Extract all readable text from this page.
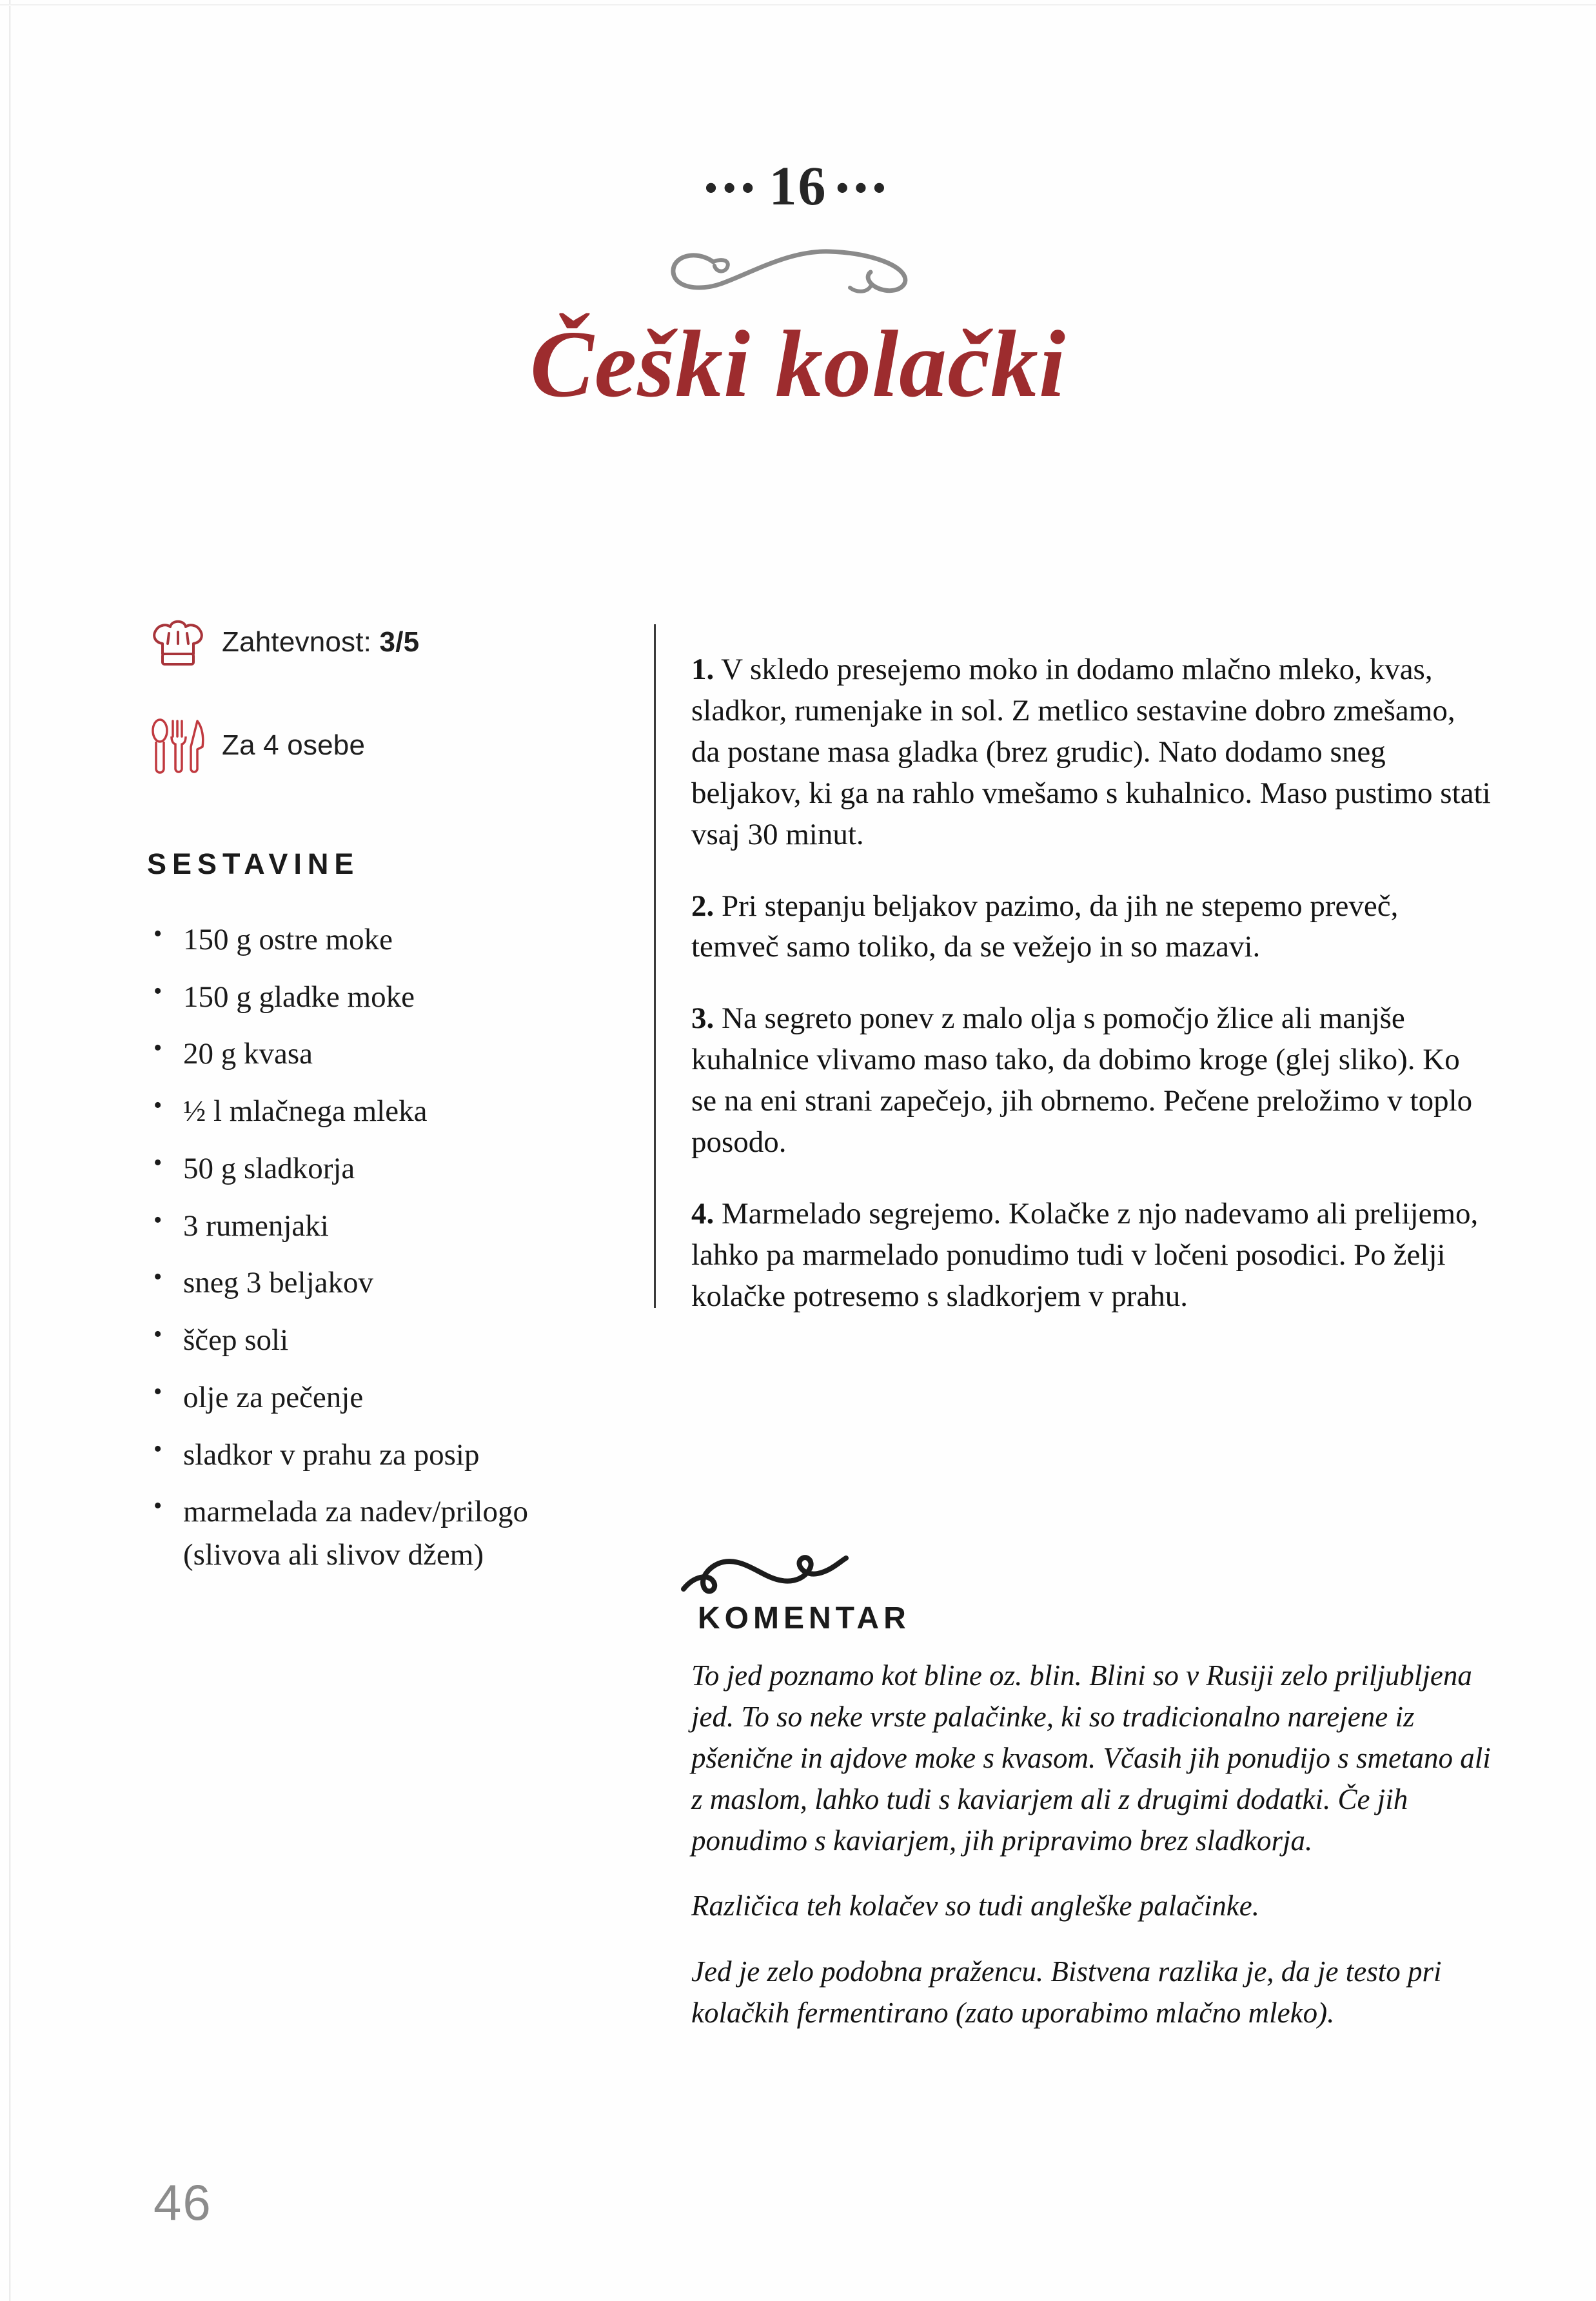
••• 16 •••
Češki kolački
Zahtevnost: 3/5
Za 4 osebe
SESTAVINE
• 150 g ostre moke
• 150 g gladke moke
• 20 g kvasa
• ½ l mlačnega mleka
• 50 g sladkorja
• 3 rumenjaki
• sneg 3 beljakov
• ščep soli
• olje za pečenje
• sladkor v prahu za posip
• marmelada za nadev/prilogo (slivova ali slivov džem)

1. V skledo presejemo moko in dodamo mlačno mleko, kvas, sladkor, rumenjake in sol. Z metlico sestavine dobro zmešamo, da postane masa gladka (brez grudic). Nato dodamo sneg beljakov, ki ga na rahlo vmešamo s kuhalnico. Maso pustimo stati vsaj 30 minut.

2. Pri stepanju beljakov pazimo, da jih ne stepemo preveč, temveč samo toliko, da se vežejo in so mazavi.

3. Na segreto ponev z malo olja s pomočjo žlice ali manjše kuhalnice vlivamo maso tako, da dobimo kroge (glej sliko). Ko se na eni strani zapečejo, jih obrnemo. Pečene preložimo v toplo posodo.

4. Marmelado segrejemo. Kolačke z njo nadevamo ali prelijemo, lahko pa marmelado ponudimo tudi v ločeni posodici. Po želji kolačke potresemo s sladkorjem v prahu.

KOMENTAR

To jed poznamo kot bline oz. blin. Blini so v Rusiji zelo priljubljena jed. To so neke vrste palačinke, ki so tradicionalno narejene iz pšenične in ajdove moke s kvasom. Včasih jih ponudijo s smetano ali z maslom, lahko tudi s kaviarjem ali z drugimi dodatki. Če jih ponudimo s kaviarjem, jih pripravimo brez sladkorja.

Različica teh kolačev so tudi angleške palačinke.

Jed je zelo podobna pražencu. Bistvena razlika je, da je testo pri kolačkih fermentirano (zato uporabimo mlačno mleko).

46
